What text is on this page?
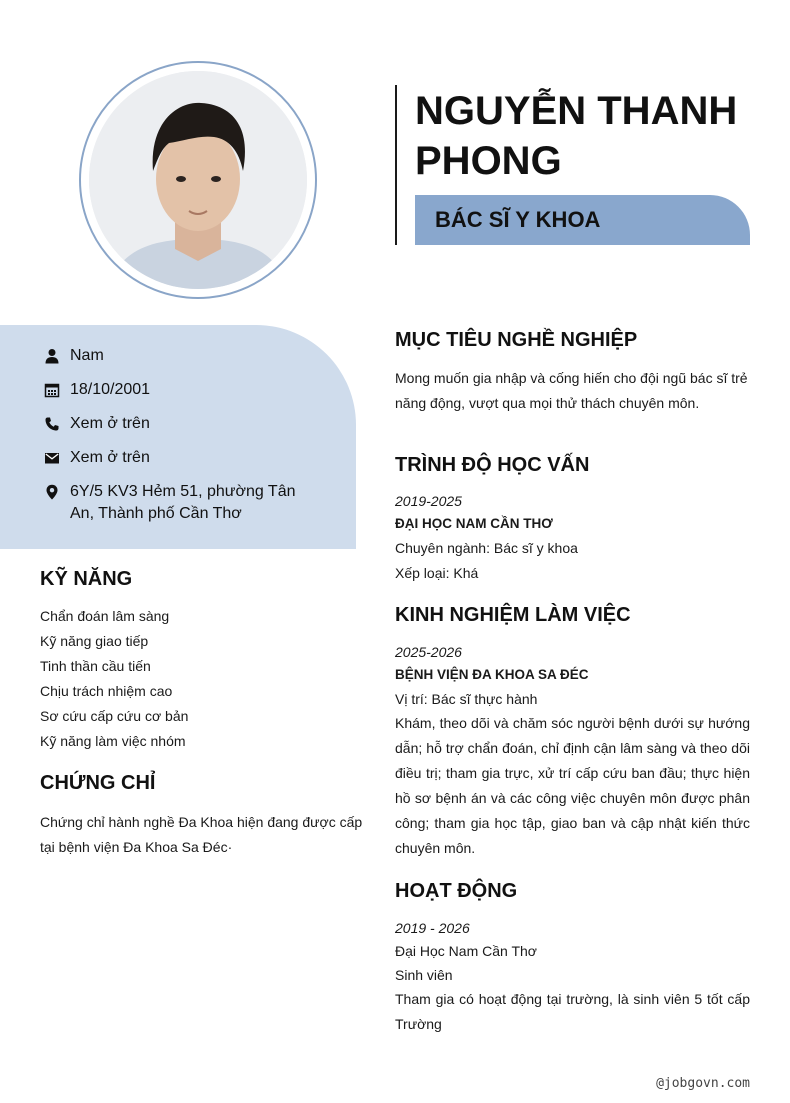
NGUYỄN THANH
PHONG
BÁC SĨ Y KHOA
Nam
18/10/2001
Xem ở trên
Xem ở trên
6Y/5 KV3 Hẻm 51, phường Tân
An, Thành phố Cần Thơ
KỸ NĂNG
Chẩn đoán lâm sàng
Kỹ năng giao tiếp
Tinh thần cầu tiến
Chịu trách nhiệm cao
Sơ cứu cấp cứu cơ bản
Kỹ năng làm việc nhóm
CHỨNG CHỈ
Chứng chỉ hành nghề Đa Khoa hiện đang được cấp
tại bệnh viện Đa Khoa Sa Đéc·
MỤC TIÊU NGHỀ NGHIỆP
Mong muốn gia nhập và cống hiến cho đội ngũ bác sĩ trẻ
năng động, vượt qua mọi thử thách chuyên môn.
TRÌNH ĐỘ HỌC VẤN
2019-2025
ĐẠI HỌC NAM CẦN THƠ
Chuyên ngành: Bác sĩ y khoa
Xếp loại: Khá
KINH NGHIỆM LÀM VIỆC
2025-2026
BỆNH VIỆN ĐA KHOA SA ĐÉC
Vị trí: Bác sĩ thực hành
Khám, theo dõi và chăm sóc người bệnh dưới sự hướng dẫn; hỗ trợ chẩn đoán, chỉ định cận lâm sàng và theo dõi điều trị; tham gia trực, xử trí cấp cứu ban đầu; thực hiện hồ sơ bệnh án và các công việc chuyên môn được phân công; tham gia học tập, giao ban và cập nhật kiến thức chuyên môn.
HOẠT ĐỘNG
2019 - 2026
Đại Học Nam Cần Thơ
Sinh viên
Tham gia có hoạt động tại trường, là sinh viên 5 tốt cấp Trường
@jobgovn.com
